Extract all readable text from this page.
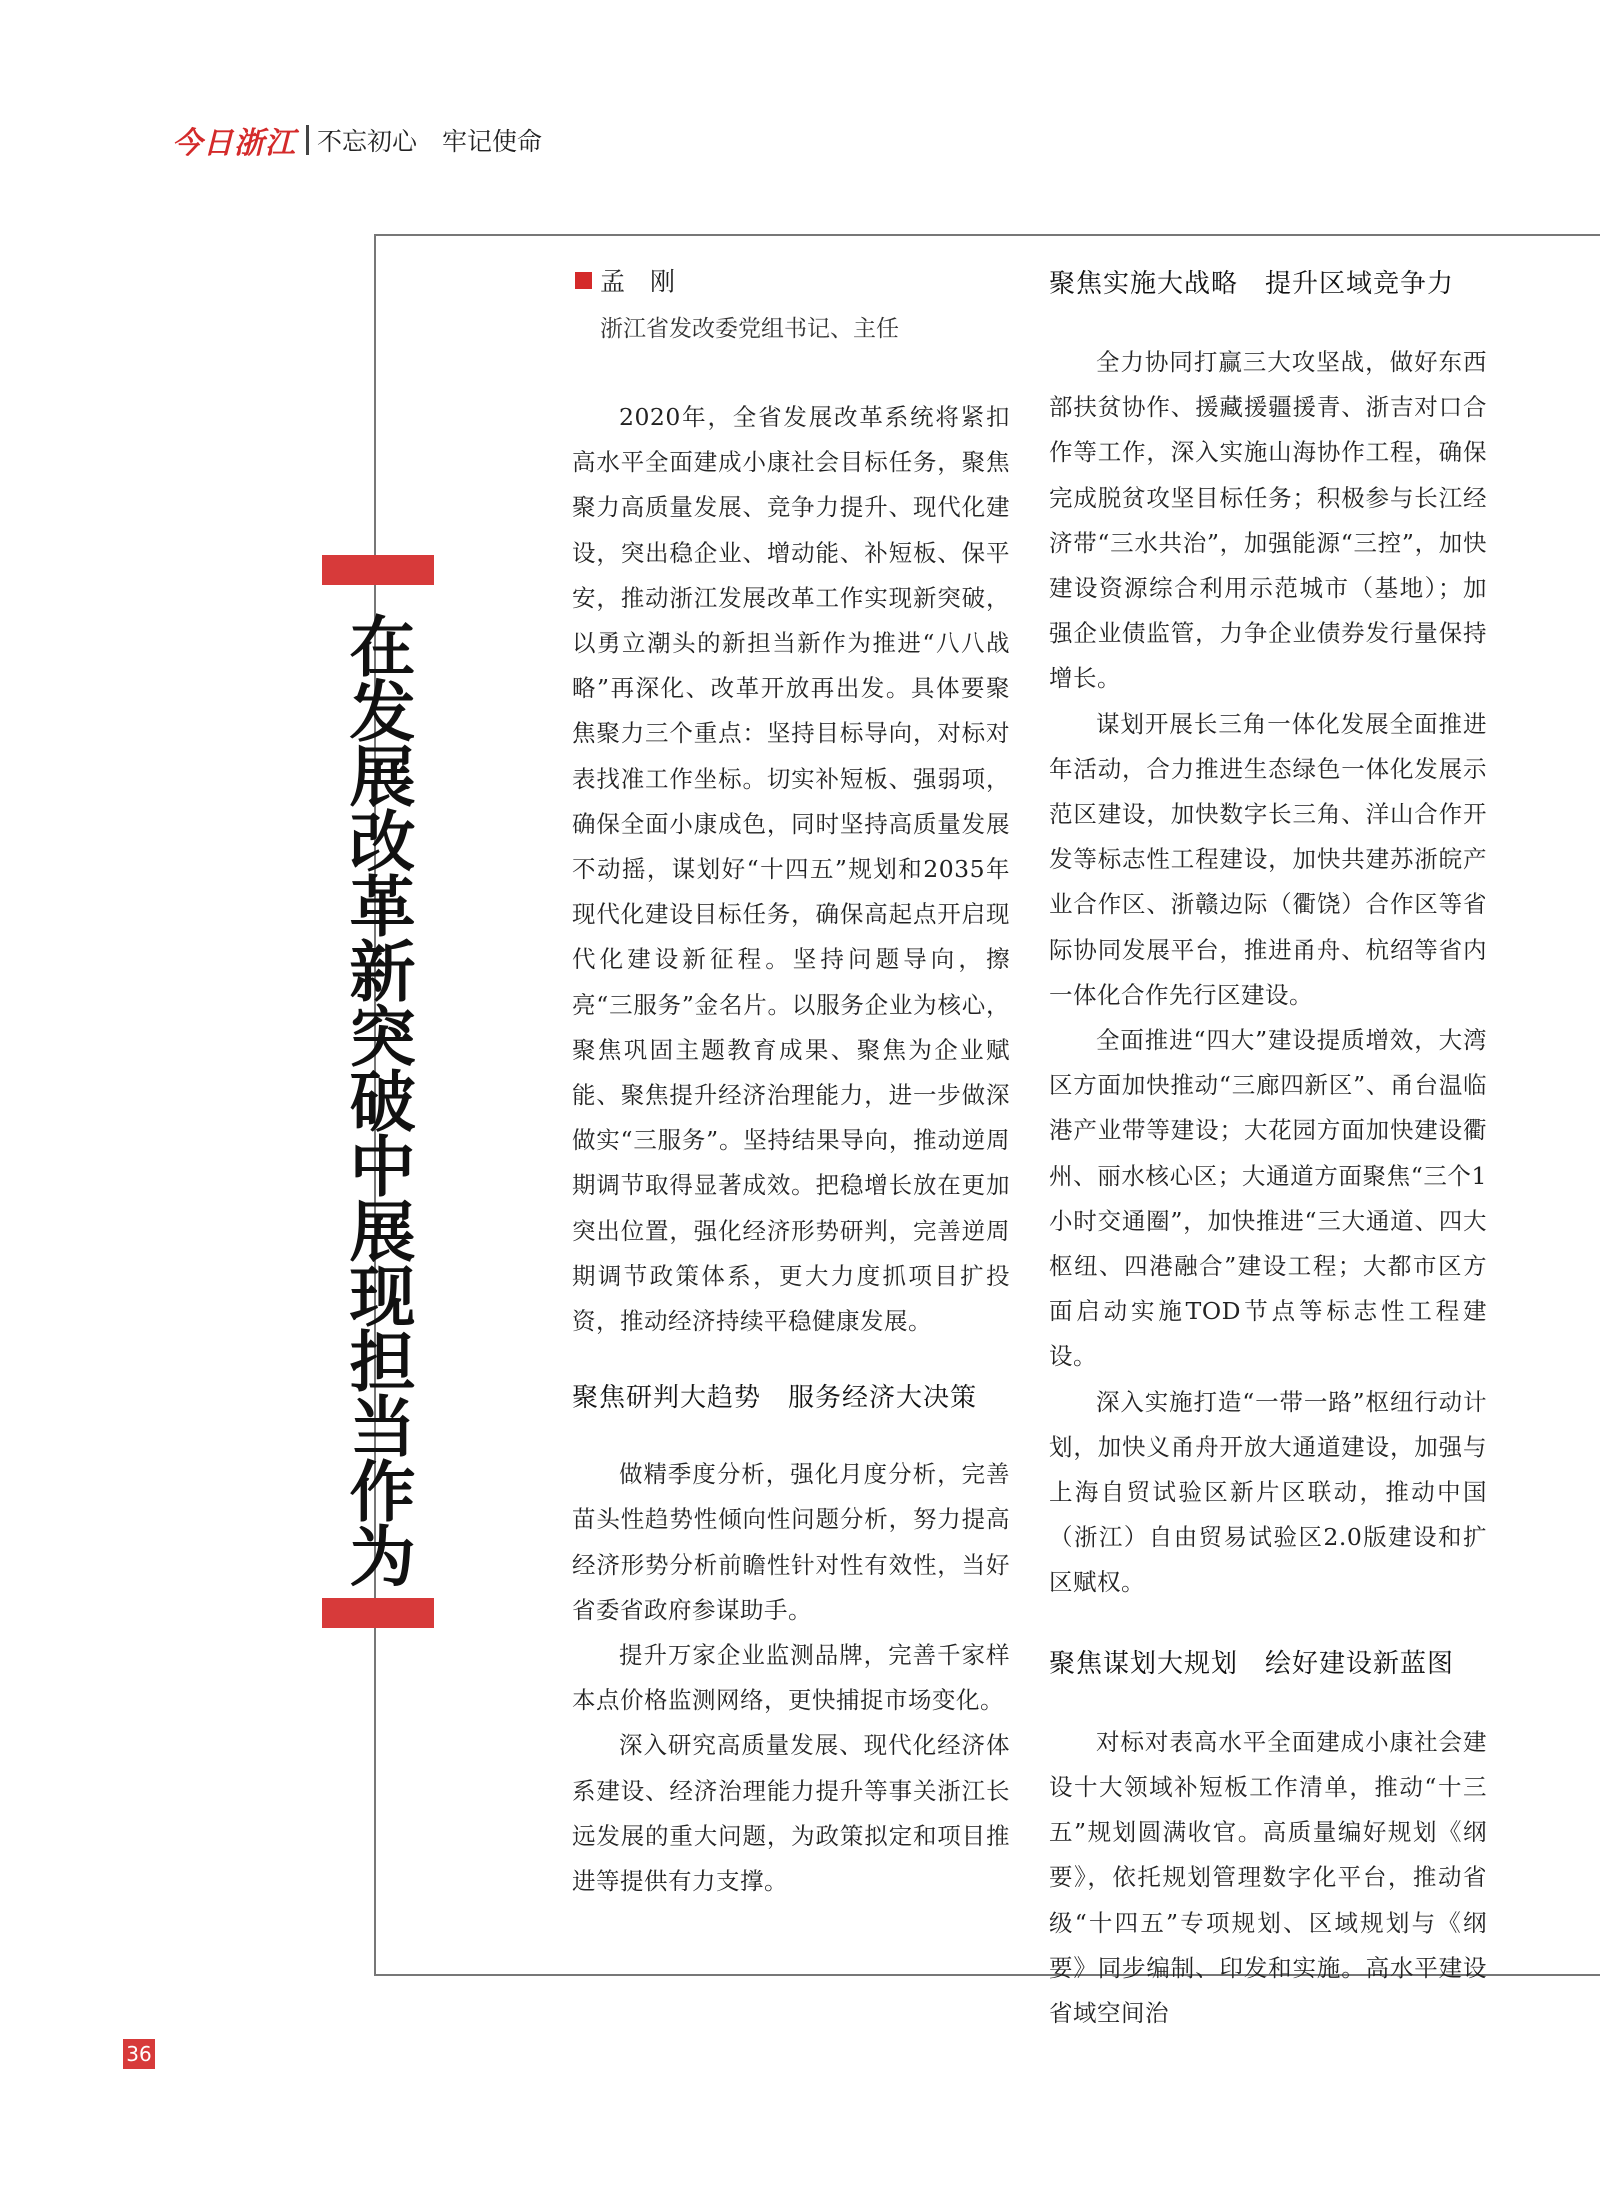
今日浙江 不忘初心　牢记使命
在发展改革新突破中展现担当作为
孟　刚
浙江省发改委党组书记、主任

2020年，全省发展改革系统将紧扣高水平全面建成小康社会目标任务，聚焦聚力高质量发展、竞争力提升、现代化建设，突出稳企业、增动能、补短板、保平安，推动浙江发展改革工作实现新突破，以勇立潮头的新担当新作为推进“八八战略”再深化、改革开放再出发。具体要聚焦聚力三个重点：坚持目标导向，对标对表找准工作坐标。切实补短板、强弱项，确保全面小康成色，同时坚持高质量发展不动摇，谋划好“十四五”规划和2035年现代化建设目标任务，确保高起点开启现代化建设新征程。坚持问题导向，擦亮“三服务”金名片。以服务企业为核心，聚焦巩固主题教育成果、聚焦为企业赋能、聚焦提升经济治理能力，进一步做深做实“三服务”。坚持结果导向，推动逆周期调节取得显著成效。把稳增长放在更加突出位置，强化经济形势研判，完善逆周期调节政策体系，更大力度抓项目扩投资，推动经济持续平稳健康发展。

聚焦研判大趋势　服务经济大决策

做精季度分析，强化月度分析，完善苗头性趋势性倾向性问题分析，努力提高经济形势分析前瞻性针对性有效性，当好省委省政府参谋助手。

提升万家企业监测品牌，完善千家样本点价格监测网络，更快捕捉市场变化。

深入研究高质量发展、现代化经济体系建设、经济治理能力提升等事关浙江长远发展的重大问题，为政策拟定和项目推进等提供有力支撑。

聚焦实施大战略　提升区域竞争力

全力协同打赢三大攻坚战，做好东西部扶贫协作、援藏援疆援青、浙吉对口合作等工作，深入实施山海协作工程，确保完成脱贫攻坚目标任务；积极参与长江经济带“三水共治”，加强能源“三控”，加快建设资源综合利用示范城市（基地）；加强企业债监管，力争企业债券发行量保持增长。

谋划开展长三角一体化发展全面推进年活动，合力推进生态绿色一体化发展示范区建设，加快数字长三角、洋山合作开发等标志性工程建设，加快共建苏浙皖产业合作区、浙赣边际（衢饶）合作区等省际协同发展平台，推进甬舟、杭绍等省内一体化合作先行区建设。

全面推进“四大”建设提质增效，大湾区方面加快推动“三廊四新区”、甬台温临港产业带等建设；大花园方面加快建设衢州、丽水核心区；大通道方面聚焦“三个1小时交通圈”，加快推进“三大通道、四大枢纽、四港融合”建设工程；大都市区方面启动实施TOD节点等标志性工程建设。

深入实施打造“一带一路”枢纽行动计划，加快义甬舟开放大通道建设，加强与上海自贸试验区新片区联动，推动中国（浙江）自由贸易试验区2.0版建设和扩区赋权。

聚焦谋划大规划　绘好建设新蓝图

对标对表高水平全面建成小康社会建设十大领域补短板工作清单，推动“十三五”规划圆满收官。高质量编好规划《纲要》，依托规划管理数字化平台，推动省级“十四五”专项规划、区域规划与《纲要》同步编制、印发和实施。高水平建设省域空间治

36
